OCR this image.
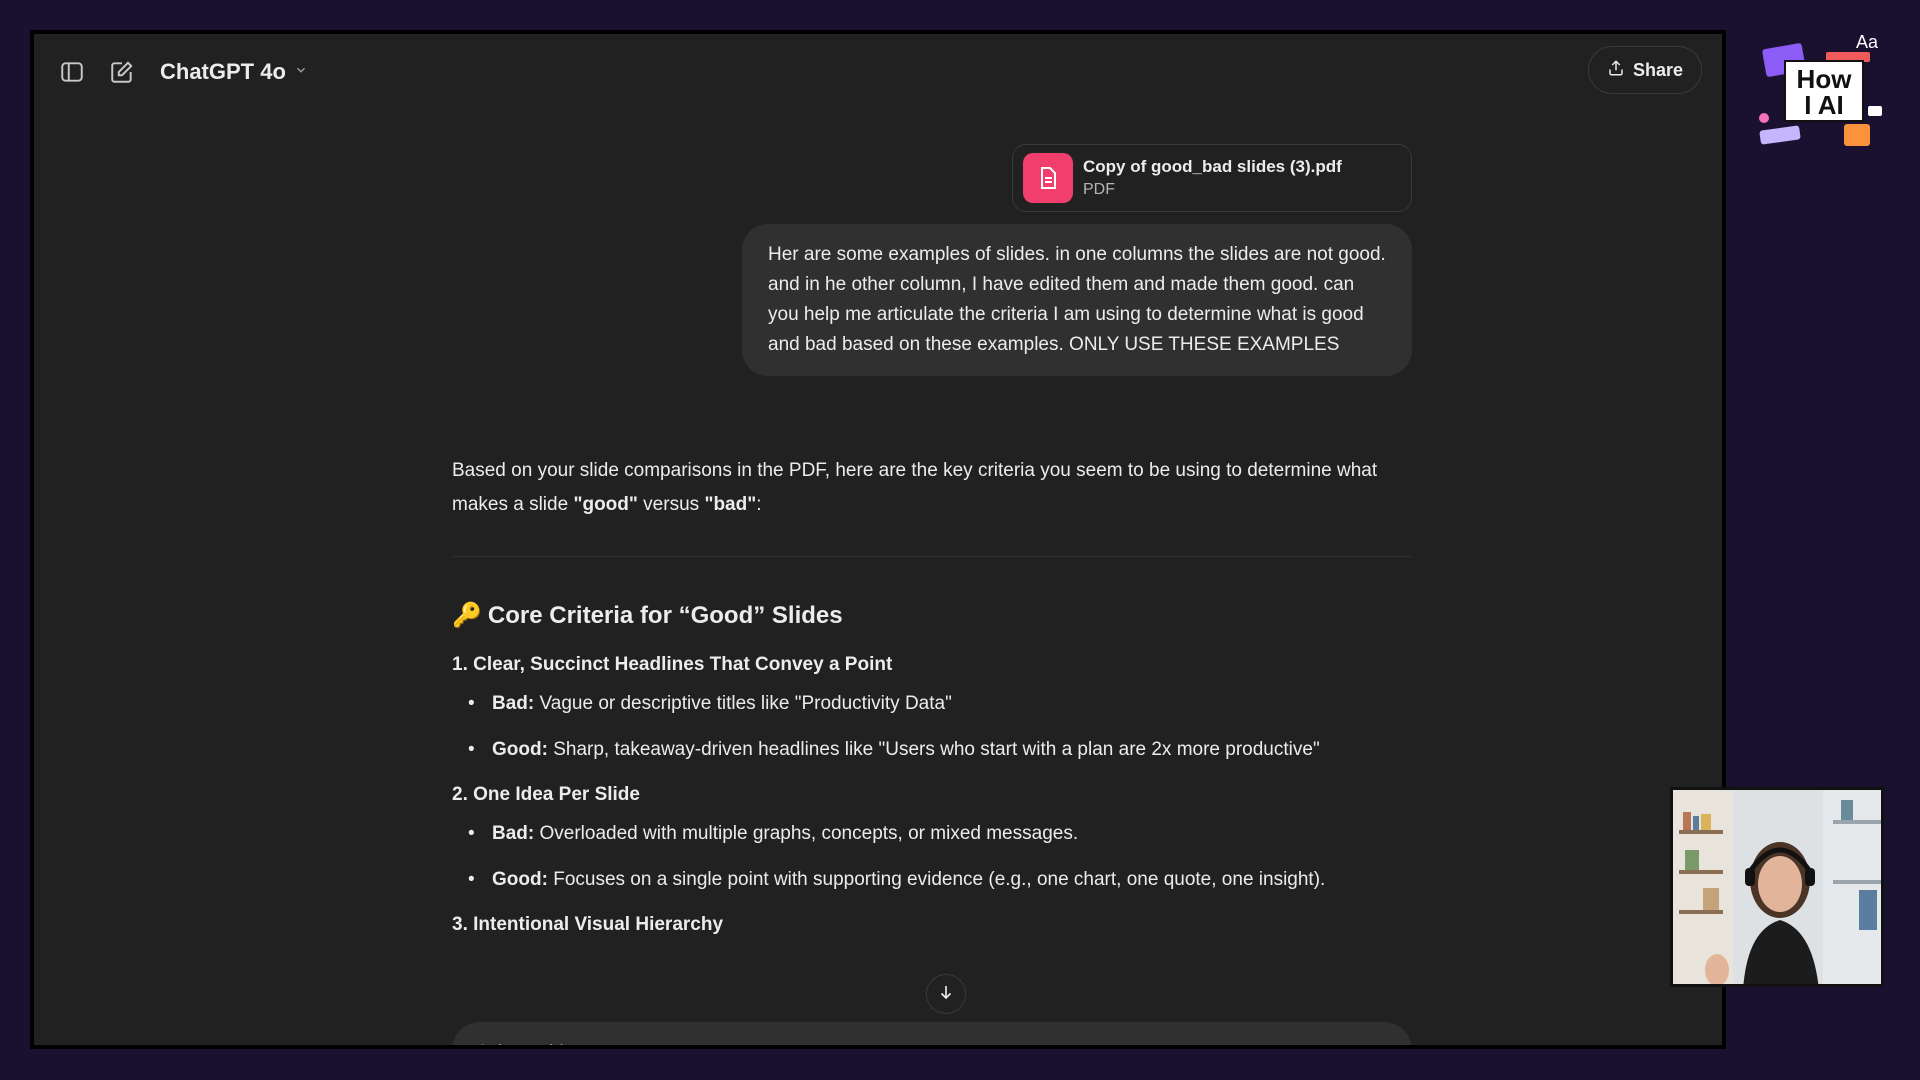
ChatGPT 4o	Share
Copy of good_bad slides (3).pdf
PDF
Her are some examples of slides. in one columns the slides are not good. and in he other column, I have edited them and made them good. can you help me articulate the criteria I am using to determine what is good and bad based on these examples. ONLY USE THESE EXAMPLES

Based on your slide comparisons in the PDF, here are the key criteria you seem to be using to determine what makes a slide "good" versus "bad":

🔑 Core Criteria for “Good” Slides
1. Clear, Succinct Headlines That Convey a Point
• Bad: Vague or descriptive titles like "Productivity Data"
• Good: Sharp, takeaway-driven headlines like "Users who start with a plan are 2x more productive"
2. One Idea Per Slide
• Bad: Overloaded with multiple graphs, concepts, or mixed messages.
• Good: Focuses on a single point with supporting evidence (e.g., one chart, one quote, one insight).
3. Intentional Visual Hierarchy
Ask anything
Aa
How
I AI
